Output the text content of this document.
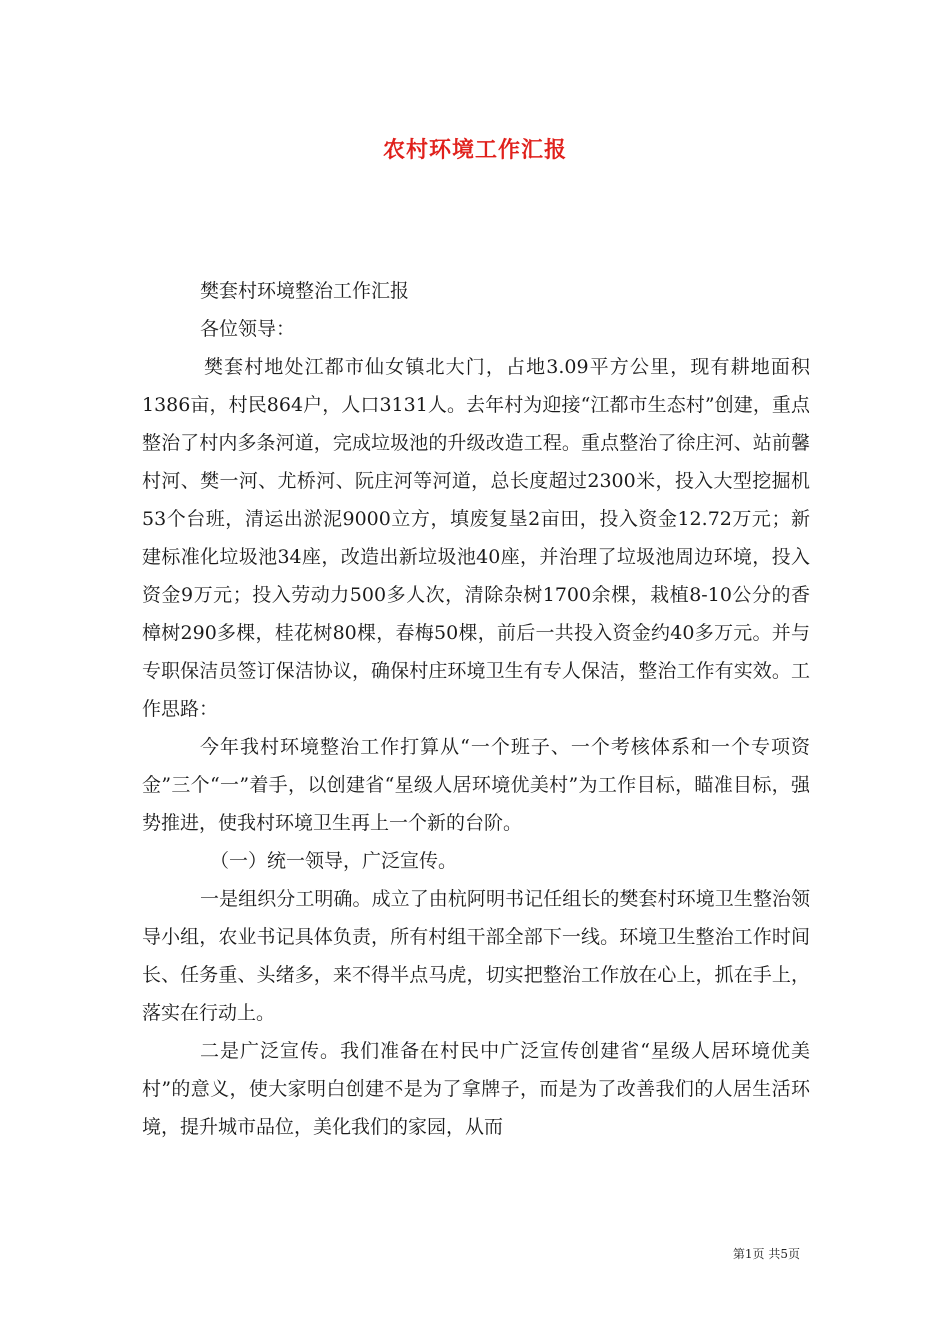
农村环境工作汇报

樊套村环境整治工作汇报

各位领导：

樊套村地处江都市仙女镇北大门，占地3.09平方公里，现有耕地面积1386亩，村民864户，人口3131人。去年村为迎接“江都市生态村”创建，重点整治了村内多条河道，完成垃圾池的升级改造工程。重点整治了徐庄河、站前馨村河、樊一河、尤桥河、阮庄河等河道，总长度超过2300米，投入大型挖掘机53个台班，清运出淤泥9000立方，填废复垦2亩田，投入资金12.72万元；新建标准化垃圾池34座，改造出新垃圾池40座，并治理了垃圾池周边环境，投入资金9万元；投入劳动力500多人次，清除杂树1700余棵，栽植8-10公分的香樟树290多棵，桂花树80棵，春梅50棵，前后一共投入资金约40多万元。并与专职保洁员签订保洁协议，确保村庄环境卫生有专人保洁，整治工作有实效。工作思路：

今年我村环境整治工作打算从“一个班子、一个考核体系和一个专项资金”三个“一”着手，以创建省“星级人居环境优美村”为工作目标，瞄准目标，强势推进，使我村环境卫生再上一个新的台阶。

（一）统一领导，广泛宣传。

一是组织分工明确。成立了由杭阿明书记任组长的樊套村环境卫生整治领导小组，农业书记具体负责，所有村组干部全部下一线。环境卫生整治工作时间长、任务重、头绪多，来不得半点马虎，切实把整治工作放在心上，抓在手上，落实在行动上。

二是广泛宣传。我们准备在村民中广泛宣传创建省“星级人居环境优美村”的意义，使大家明白创建不是为了拿牌子，而是为了改善我们的人居生活环境，提升城市品位，美化我们的家园，从而

第1页 共5页
